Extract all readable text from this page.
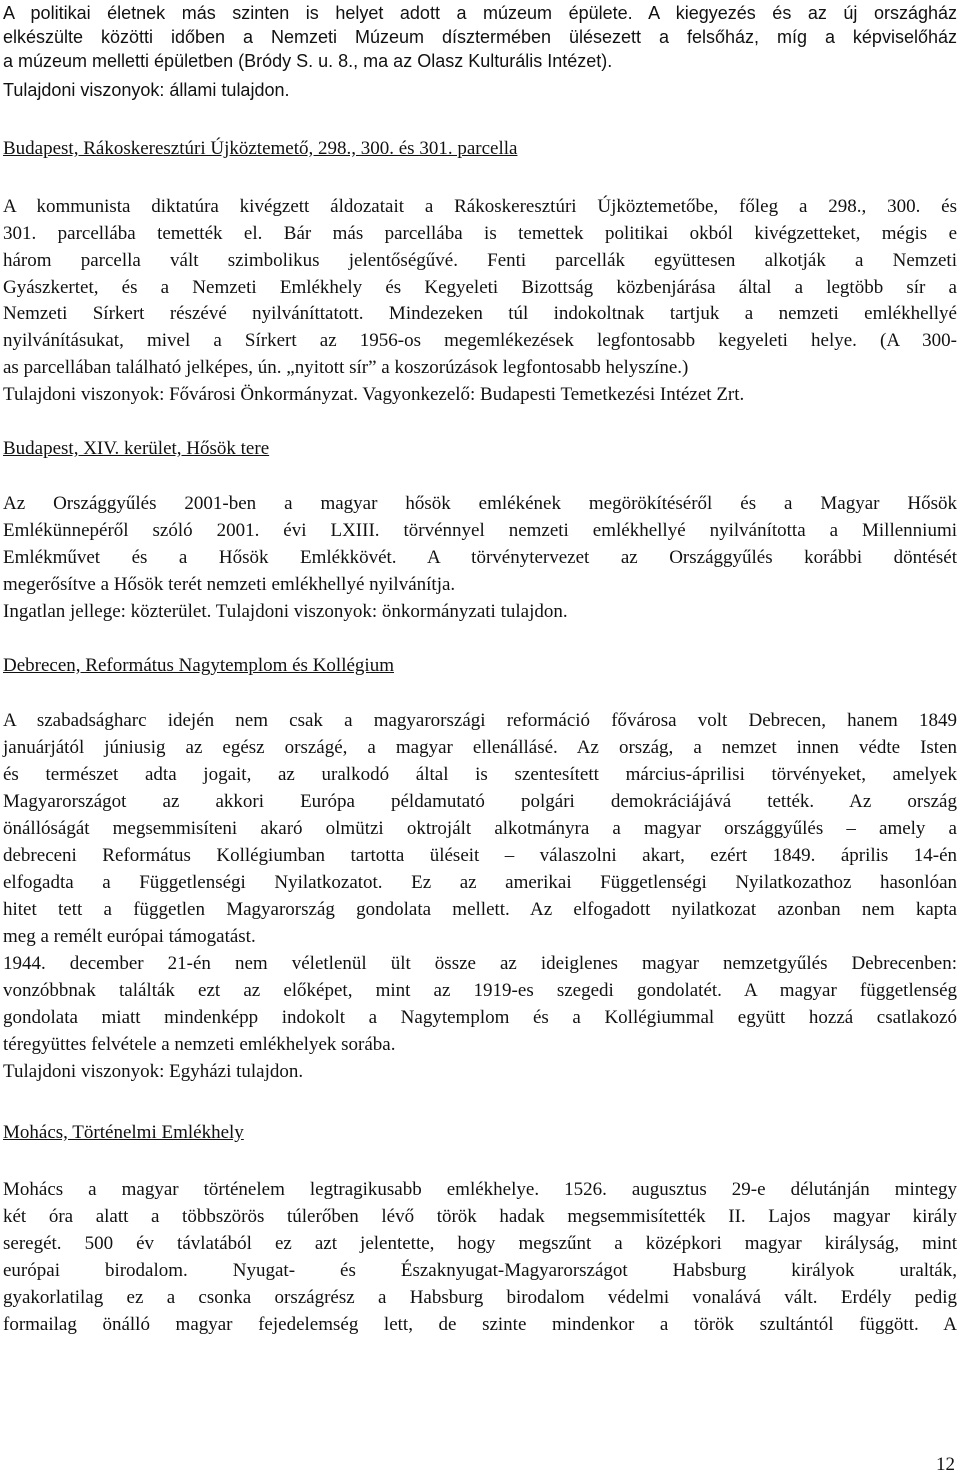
A politikai életnek más szinten is helyet adott a múzeum épülete. A kiegyezés és az új országház
elkészülte közötti időben a Nemzeti Múzeum dísztermében ülésezett a felsőház, míg a képviselőház
a múzeum melletti épületben (Bródy S. u. 8., ma az Olasz Kulturális Intézet).
Tulajdoni viszonyok: állami tulajdon.
Budapest, Rákoskeresztúri Újköztemető, 298., 300. és 301. parcella
A kommunista diktatúra kivégzett áldozatait a Rákoskeresztúri Újköztemetőbe, főleg a 298., 300. és
301. parcellába temették el. Bár más parcellába is temettek politikai okból kivégzetteket, mégis e
három parcella vált szimbolikus jelentőségűvé. Fenti parcellák együttesen alkotják a Nemzeti
Gyászkertet, és a Nemzeti Emlékhely és Kegyeleti Bizottság közbenjárása által a legtöbb sír a
Nemzeti Sírkert részévé nyilváníttatott. Mindezeken túl indokoltnak tartjuk a nemzeti emlékhellyé
nyilvánításukat, mivel a Sírkert az 1956-os megemlékezések legfontosabb kegyeleti helye. (A 300-
as parcellában található jelképes, ún. „nyitott sír” a koszorúzások legfontosabb helyszíne.)
Tulajdoni viszonyok: Fővárosi Önkormányzat. Vagyonkezelő: Budapesti Temetkezési Intézet Zrt.
Budapest, XIV. kerület, Hősök tere
Az Országgyűlés 2001-ben a magyar hősök emlékének megörökítéséről és a Magyar Hősök
Emlékünnepéről szóló 2001. évi LXIII. törvénnyel nemzeti emlékhellyé nyilvánította a Millenniumi
Emlékművet és a Hősök Emlékkövét. A törvénytervezet az Országgyűlés korábbi döntését
megerősítve a Hősök terét nemzeti emlékhellyé nyilvánítja.
Ingatlan jellege: közterület. Tulajdoni viszonyok: önkormányzati tulajdon.
Debrecen, Református Nagytemplom és Kollégium
A szabadságharc idején nem csak a magyarországi reformáció fővárosa volt Debrecen, hanem 1849
januárjától júniusig az egész országé, a magyar ellenállásé. Az ország, a nemzet innen védte Isten
és természet adta jogait, az uralkodó által is szentesített március-áprilisi törvényeket, amelyek
Magyarországot az akkori Európa példamutató polgári demokráciájává tették. Az ország
önállóságát megsemmisíteni akaró olmützi oktrojált alkotmányra a magyar országgyűlés – amely a
debreceni Református Kollégiumban tartotta üléseit – válaszolni akart, ezért 1849. április 14-én
elfogadta a Függetlenségi Nyilatkozatot. Ez az amerikai Függetlenségi Nyilatkozathoz hasonlóan
hitet tett a független Magyarország gondolata mellett. Az elfogadott nyilatkozat azonban nem kapta
meg a remélt európai támogatást.
1944. december 21-én nem véletlenül ült össze az ideiglenes magyar nemzetgyűlés Debrecenben:
vonzóbbnak találták ezt az előképet, mint az 1919-es szegedi gondolatét. A magyar függetlenség
gondolata miatt mindenképp indokolt a Nagytemplom és a Kollégiummal együtt hozzá csatlakozó
téregyüttes felvétele a nemzeti emlékhelyek sorába.
Tulajdoni viszonyok: Egyházi tulajdon.
Mohács, Történelmi Emlékhely
Mohács a magyar történelem legtragikusabb emlékhelye. 1526. augusztus 29-e délutánján mintegy
két óra alatt a többszörös túlerőben lévő török hadak megsemmisítették II. Lajos magyar király
seregét. 500 év távlatából ez azt jelentette, hogy megszűnt a középkori magyar királyság, mint
európai birodalom. Nyugat- és Északnyugat-Magyarországot Habsburg királyok uralták,
gyakorlatilag ez a csonka országrész a Habsburg birodalom védelmi vonalává vált. Erdély pedig
formailag önálló magyar fejedelemség lett, de szinte mindenkor a török szultántól függött. A
12
